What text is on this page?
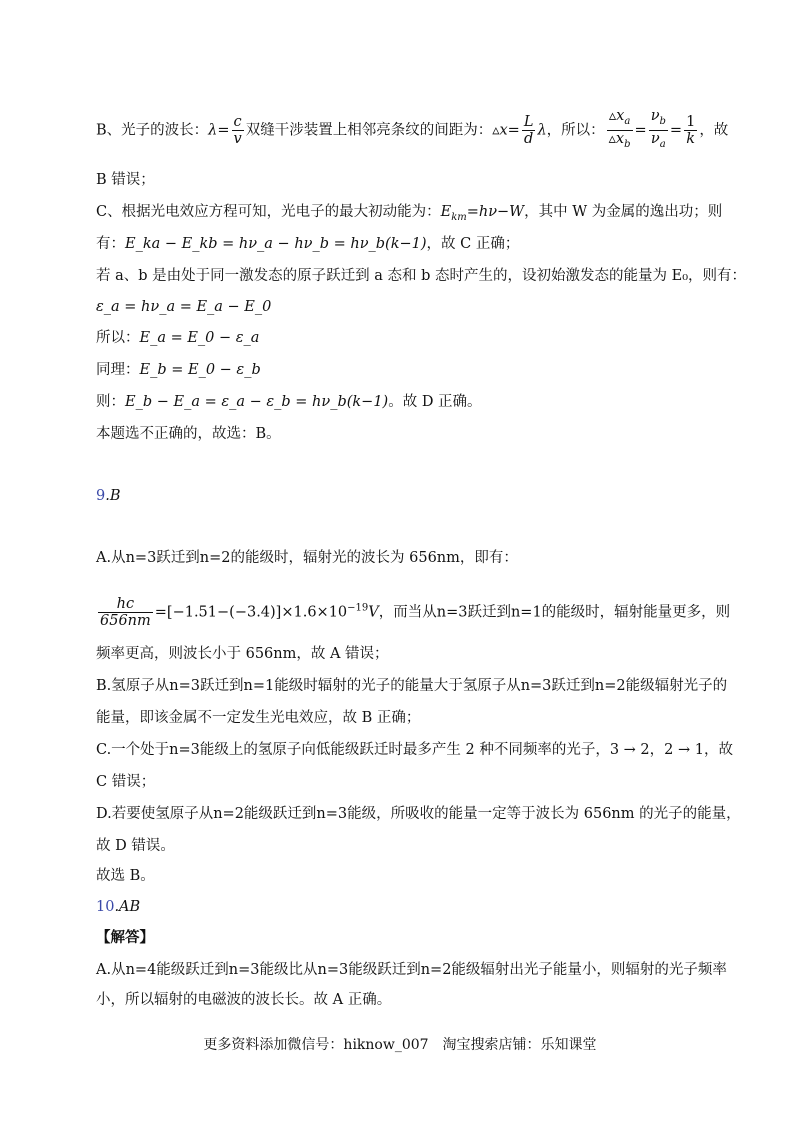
B、光子的波长：$\lambda= \frac{c}{v}$ 双缝干涉装置上相邻亮条纹的间距为：▵x= $\frac{L}{d}$ λ，所以： $\frac{▵x_a}{▵x_b} = \frac{\nu_b}{\nu_a} = \frac{1}{k}$ ，故
B 错误；
C、根据光电效应方程可知，光电子的最大初动能为：$E_{km}=h\nu-W$，其中 W 为金属的逸出功；则
有：E_ka − E_kb = hν_a − hν_b = hν_b(k−1)，故 C 正确；
若 a、b 是由处于同一激发态的原子跃迁到 a 态和 b 态时产生的，设初始激发态的能量为 E₀，则有：
ε_a = hν_a = E_a − E_0
所以：E_a = E_0 − ε_a
同理：E_b = E_0 − ε_b
则：E_b − E_a = ε_a − ε_b = hν_b(k−1)。故 D 正确。
本题选不正确的，故选：B。
9.B
A.从n=3跃迁到n=2的能级时，辐射光的波长为 656nm，即有：
$\frac{hc}{656nm} =[-1.51-(-3.4)]\times 1.6\times 10^{-19}V$，而当从n=3跃迁到n=1的能级时，辐射能量更多，则
频率更高，则波长小于 656nm，故 A 错误；
B.氢原子从n=3跃迁到n=1能级时辐射的光子的能量大于氢原子从n=3跃迁到n=2能级辐射光子的
能量，即该金属不一定发生光电效应，故 B 正确；
C.一个处于n=3能级上的氢原子向低能级跃迁时最多产生 2 种不同频率的光子，3 → 2，2 → 1，故
C 错误；
D.若要使氢原子从n=2能级跃迁到n=3能级，所吸收的能量一定等于波长为 656nm 的光子的能量，
故 D 错误。
故选 B。
10.AB
【解答】
A.从n=4能级跃迁到n=3能级比从n=3能级跃迁到n=2能级辐射出光子能量小，则辐射的光子频率
小，所以辐射的电磁波的波长长。故 A 正确。
更多资料添加微信号：hiknow_007　淘宝搜索店铺：乐知课堂
